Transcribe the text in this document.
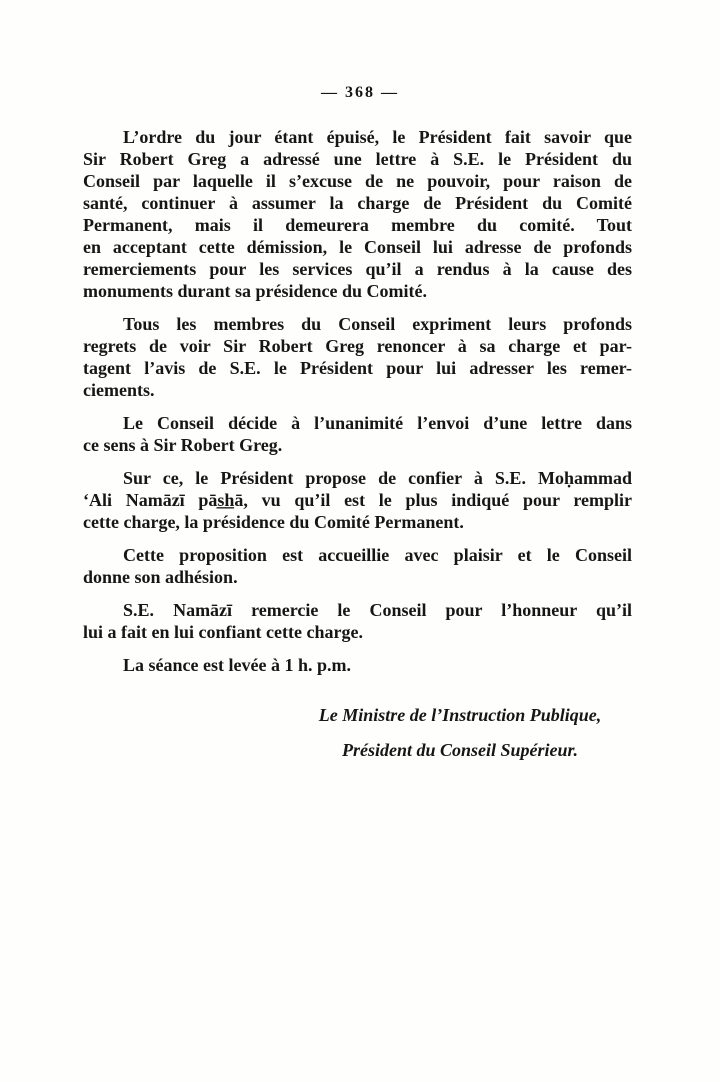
— 368 —
L’ordre du jour étant épuisé, le Président fait savoir que
Sir Robert Greg a adressé une lettre à S.E. le Président du
Conseil par laquelle il s’excuse de ne pouvoir, pour raison de
santé, continuer à assumer la charge de Président du Comité
Permanent, mais il demeurera membre du comité. Tout
en acceptant cette démission, le Conseil lui adresse de profonds
remerciements pour les services qu’il a rendus à la cause des
monuments durant sa présidence du Comité.
Tous les membres du Conseil expriment leurs profonds
regrets de voir Sir Robert Greg renoncer à sa charge et par-
tagent l’avis de S.E. le Président pour lui adresser les remer-
ciements.
Le Conseil décide à l’unanimité l’envoi d’une lettre dans
ce sens à Sir Robert Greg.
Sur ce, le Président propose de confier à S.E. Moḥammad
‘Ali Namāzī pās̲h̲ā, vu qu’il est le plus indiqué pour remplir
cette charge, la présidence du Comité Permanent.
Cette proposition est accueillie avec plaisir et le Conseil
donne son adhésion.
S.E. Namāzī remercie le Conseil pour l’honneur qu’il
lui a fait en lui confiant cette charge.
La séance est levée à 1 h. p.m.
Le Ministre de l’Instruction Publique,
Président du Conseil Supérieur.
